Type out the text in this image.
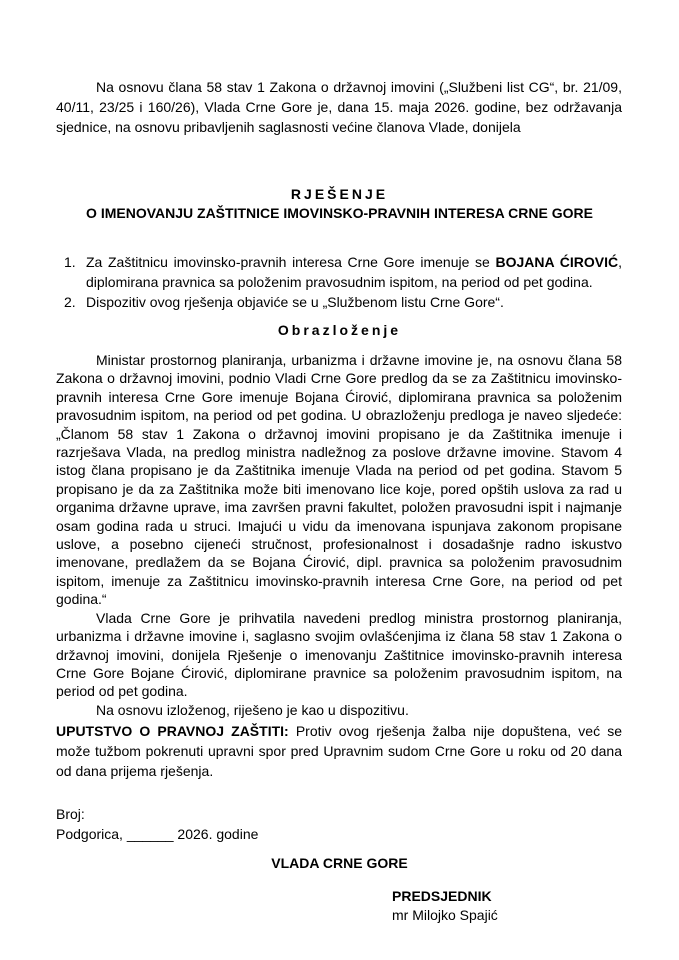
Na osnovu člana 58 stav 1 Zakona o državnoj imovini („Službeni list CG“, br. 21/09, 40/11, 23/25 i 160/26), Vlada Crne Gore je, dana 15. maja 2026. godine, bez održavanja sjednice, na osnovu pribavljenih saglasnosti većine članova Vlade, donijela
RJEŠENJE
O IMENOVANJU ZAŠTITNICE IMOVINSKO-PRAVNIH INTERESA CRNE GORE
1. Za Zaštitnicu imovinsko-pravnih interesa Crne Gore imenuje se BOJANA ĆIROVIĆ, diplomirana pravnica sa položenim pravosudnim ispitom, na period od pet godina.
2. Dispozitiv ovog rješenja objaviće se u „Službenom listu Crne Gore“.
Obrazloženje

Ministar prostornog planiranja, urbanizma i državne imovine je, na osnovu člana 58 Zakona o državnoj imovini, podnio Vladi Crne Gore predlog da se za Zaštitnicu imovinsko-pravnih interesa Crne Gore imenuje Bojana Ćirović, diplomirana pravnica sa položenim pravosudnim ispitom, na period od pet godina. U obrazloženju predloga je naveo sljedeće: „Članom 58 stav 1 Zakona o državnoj imovini propisano je da Zaštitnika imenuje i razrješava Vlada, na predlog ministra nadležnog za poslove državne imovine. Stavom 4 istog člana propisano je da Zaštitnika imenuje Vlada na period od pet godina. Stavom 5 propisano je da za Zaštitnika može biti imenovano lice koje, pored opštih uslova za rad u organima državne uprave, ima završen pravni fakultet, položen pravosudni ispit i najmanje osam godina rada u struci. Imajući u vidu da imenovana ispunjava zakonom propisane uslove, a posebno cijeneći stručnost, profesionalnost i dosadašnje radno iskustvo imenovane, predlažem da se Bojana Ćirović, dipl. pravnica sa položenim pravosudnim ispitom, imenuje za Zaštitnicu imovinsko-pravnih interesa Crne Gore, na period od pet godina.“

Vlada Crne Gore je prihvatila navedeni predlog ministra prostornog planiranja, urbanizma i državne imovine i, saglasno svojim ovlašćenjima iz člana 58 stav 1 Zakona o državnoj imovini, donijela Rješenje o imenovanju Zaštitnice imovinsko-pravnih interesa Crne Gore Bojane Ćirović, diplomirane pravnice sa položenim pravosudnim ispitom, na period od pet godina.

Na osnovu izloženog, riješeno je kao u dispozitivu.

UPUTSTVO O PRAVNOJ ZAŠTITI: Protiv ovog rješenja žalba nije dopuštena, već se može tužbom pokrenuti upravni spor pred Upravnim sudom Crne Gore u roku od 20 dana od dana prijema rješenja.
Broj:
Podgorica, ______ 2026. godine
VLADA CRNE GORE
PREDSJEDNIK
mr Milojko Spajić
